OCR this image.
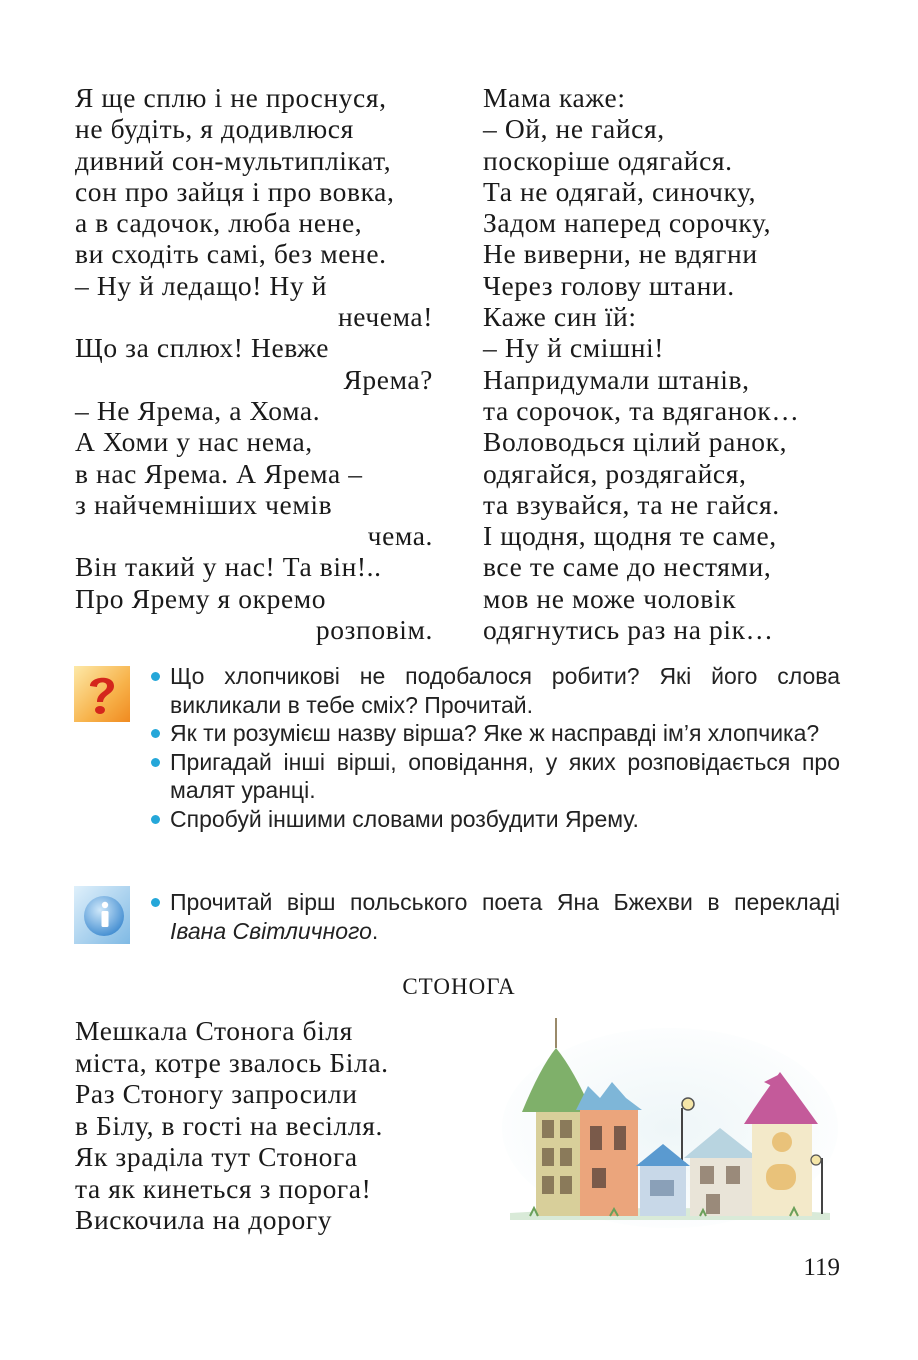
Я ще сплю і не проснуся,
не будіть, я додивлюся
дивний сон-мультиплікат,
сон про зайця і про вовка,
а в садочок, люба нене,
ви сходіть самі, без мене.
– Ну й ледащо! Ну й
нечема!
Що за сплюх! Невже
Ярема?
– Не Ярема, а Хома.
А Хоми у нас нема,
в нас Ярема. А Ярема –
з найчемніших чемів
чема.
Він такий у нас! Та він!..
Про Ярему я окремо
розповім.
Мама каже:
– Ой, не гайся,
поскоріше одягайся.
Та не одягай, синочку,
Задом наперед сорочку,
Не виверни, не вдягни
Через голову штани.
Каже син їй:
– Ну й смішні!
Напридумали штанів,
та сорочок, та вдяганок…
Воловодься цілий ранок,
одягайся, роздягайся,
та взувайся, та не гайся.
І щодня, щодня те саме,
все те саме до нестями,
мов не може чоловік
одягнутись раз на рік…
Що хлопчикові не подобалося робити? Які його слова викликали в тебе сміх? Прочитай.
Як ти розумієш назву вірша? Яке ж насправді ім’я хлопчика?
Пригадай інші вірші, оповідання, у яких розповідається про малят уранці.
Спробуй іншими словами розбудити Ярему.
Прочитай вірш польського поета Яна Бжехви в перекладі Івана Світличного.
СТОНОГА
Мешкала Стонога біля
міста, котре звалось Біла.
Раз Стоногу запросили
в Білу, в гості на весілля.
Як зраділа тут Стонога
та як кинеться з порога!
Вискочила на дорогу
119
